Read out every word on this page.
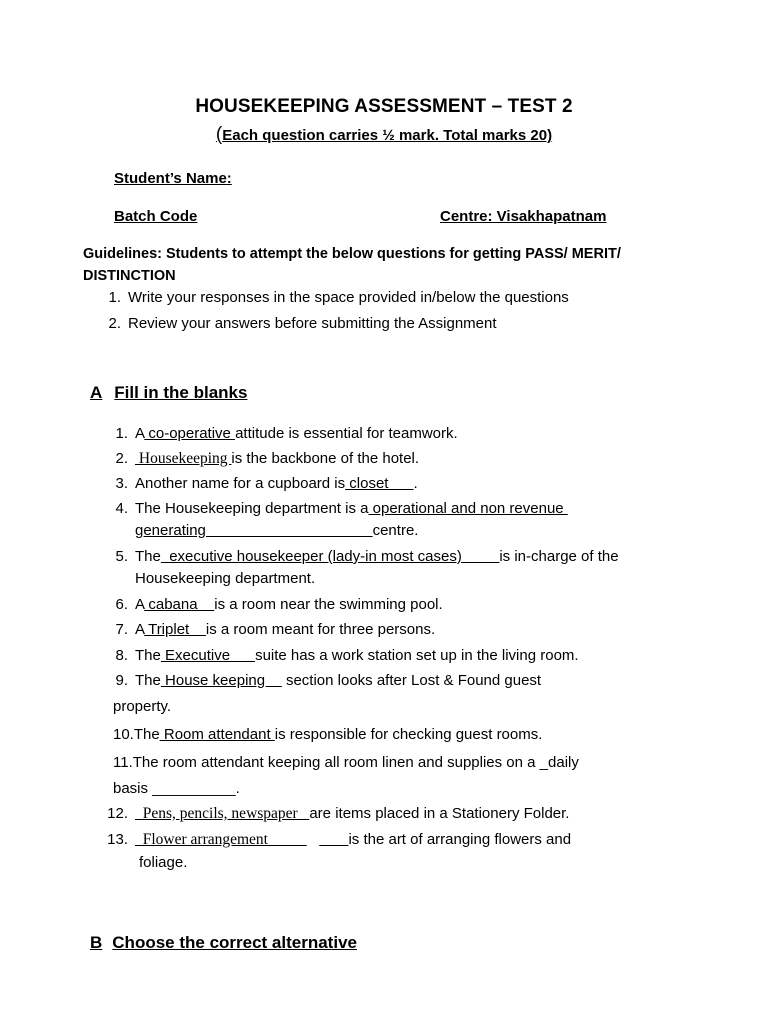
HOUSEKEEPING ASSESSMENT – TEST 2
(Each question carries ½ mark. Total marks 20)
Student’s Name:
Batch Code	Centre: Visakhapatnam
Guidelines: Students to attempt the below questions for getting PASS/ MERIT/
DISTINCTION
1. Write your responses in the space provided in/below the questions
2. Review your answers before submitting the Assignment
A Fill in the blanks
1. A co-operative attitude is essential for teamwork.
2. Housekeeping is the backbone of the hotel.
3. Another name for a cupboard is closet      .
4. The Housekeeping department is a operational and non revenue
generating                                        centre.
5. The  executive housekeeper (lady-in most cases)         is in-charge of the
Housekeeping department.
6. A cabana    is a room near the swimming pool.
7. A Triplet    is a room meant for three persons.
8. The Executive      suite has a work station set up in the living room.
9. The House keeping     section looks after Lost & Found guest
property.
10.The Room attendant is responsible for checking guest rooms.
11.The room attendant keeping all room linen and supplies on a _daily
basis __________.
12.  Pens, pencils, newspaper   are items placed in a Stationery Folder.
13.  Flower arrangement	is the art of arranging flowers and
foliage.
B Choose the correct alternative
